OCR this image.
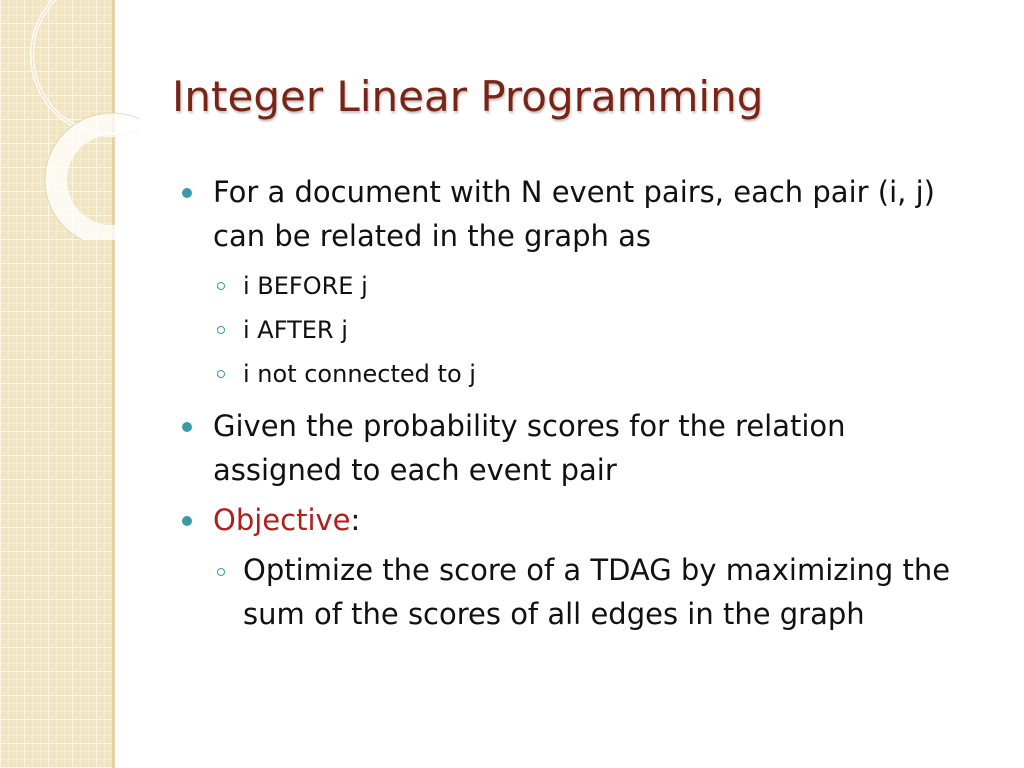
Integer Linear Programming
For a document with N event pairs, each pair (i, j) can be related in the graph as
i BEFORE j
i AFTER j
i not connected to j
Given the probability scores for the relation assigned to each event pair
Objective:
Optimize the score of a TDAG by maximizing the sum of the scores of all edges in the graph
